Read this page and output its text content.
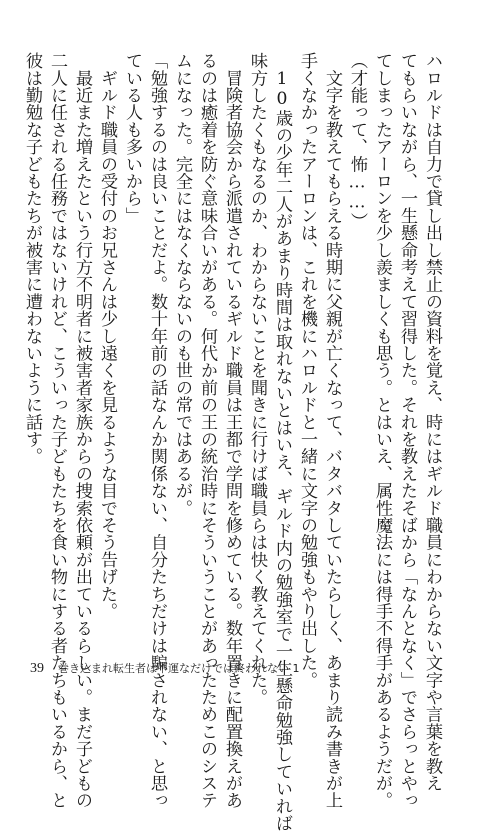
ハロルドは自力で貸し出し禁止の資料を覚え、時にはギルド職員にわからない文字や言葉を教え
てもらいながら、一生懸命考えて習得した。それを教えたそばから「なんとなく」でさらっとやっ
てしまったアーロンを少し羨ましくも思う。とはいえ、属性魔法には得手不得手があるようだが。
（才能って、怖……）
　文字を教えてもらえる時期に父親が亡くなって、バタバタしていたらしく、あまり読み書きが上
手くなかったアーロンは、これを機にハロルドと一緒に文字の勉強もやり出した。
　10歳の少年二人があまり時間は取れないとはいえ、ギルド内の勉強室で一生懸命勉強していれば
味方したくもなるのか、わからないことを聞きに行けば職員らは快く教えてくれた。
　冒険者協会から派遣されているギルド職員は王都で学問を修めている。数年置きに配置換えがあ
るのは癒着を防ぐ意味合いがある。何代か前の王の統治時にそういうことがあったためこのシステ
ムになった。完全にはなくならないのも世の常ではあるが。
「勉強するのは良いことだよ。数十年前の話なんか関係ない、自分たちだけは騙されない、と思っ
ている人も多いから」
　ギルド職員の受付のお兄さんは少し遠くを見るような目でそう告げた。
　最近また増えたという行方不明者に被害者家族からの捜索依頼が出ているらしい。まだ子どもの
二人に任される任務ではないけれど、こういった子どもたちを食い物にする者たちもいるから、と
彼は勤勉な子どもたちが被害に遭わないように話す。
39 巻き込まれ転生者は不運なだけでは終われない 1
